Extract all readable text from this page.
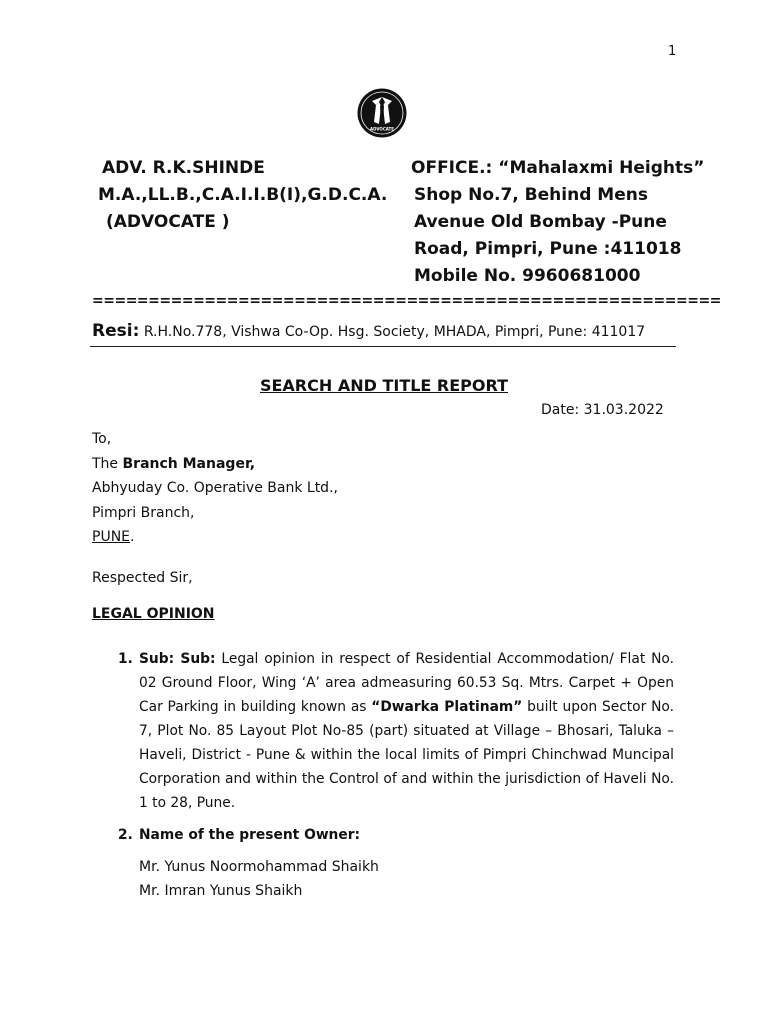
1
ADVOCATE
ADV. R.K.SHINDE
M.A.,LL.B.,C.A.I.I.B(I),G.D.C.A.
(ADVOCATE )
OFFICE.: “Mahalaxmi Heights”
Shop No.7, Behind Mens
Avenue Old Bombay -Pune
Road, Pimpri, Pune :411018
Mobile No. 9960681000
========================================================
Resi: R.H.No.778, Vishwa Co-Op. Hsg. Society, MHADA, Pimpri, Pune: 411017
SEARCH AND TITLE REPORT
Date: 31.03.2022
To,
The Branch Manager,
Abhyuday Co. Operative Bank Ltd.,
Pimpri Branch,
PUNE.
Respected Sir,
LEGAL OPINION
1. Sub: Sub: Legal opinion in respect of Residential Accommodation/ Flat No. 02 Ground Floor, Wing ‘A’ area admeasuring 60.53 Sq. Mtrs. Carpet + Open Car Parking in building known as “Dwarka Platinam” built upon Sector No. 7, Plot No. 85 Layout Plot No-85 (part) situated at Village – Bhosari, Taluka – Haveli, District - Pune & within the local limits of Pimpri Chinchwad Muncipal Corporation and within the Control of and within the jurisdiction of Haveli No. 1 to 28, Pune.
2. Name of the present Owner:
Mr. Yunus Noormohammad Shaikh
Mr. Imran Yunus Shaikh
